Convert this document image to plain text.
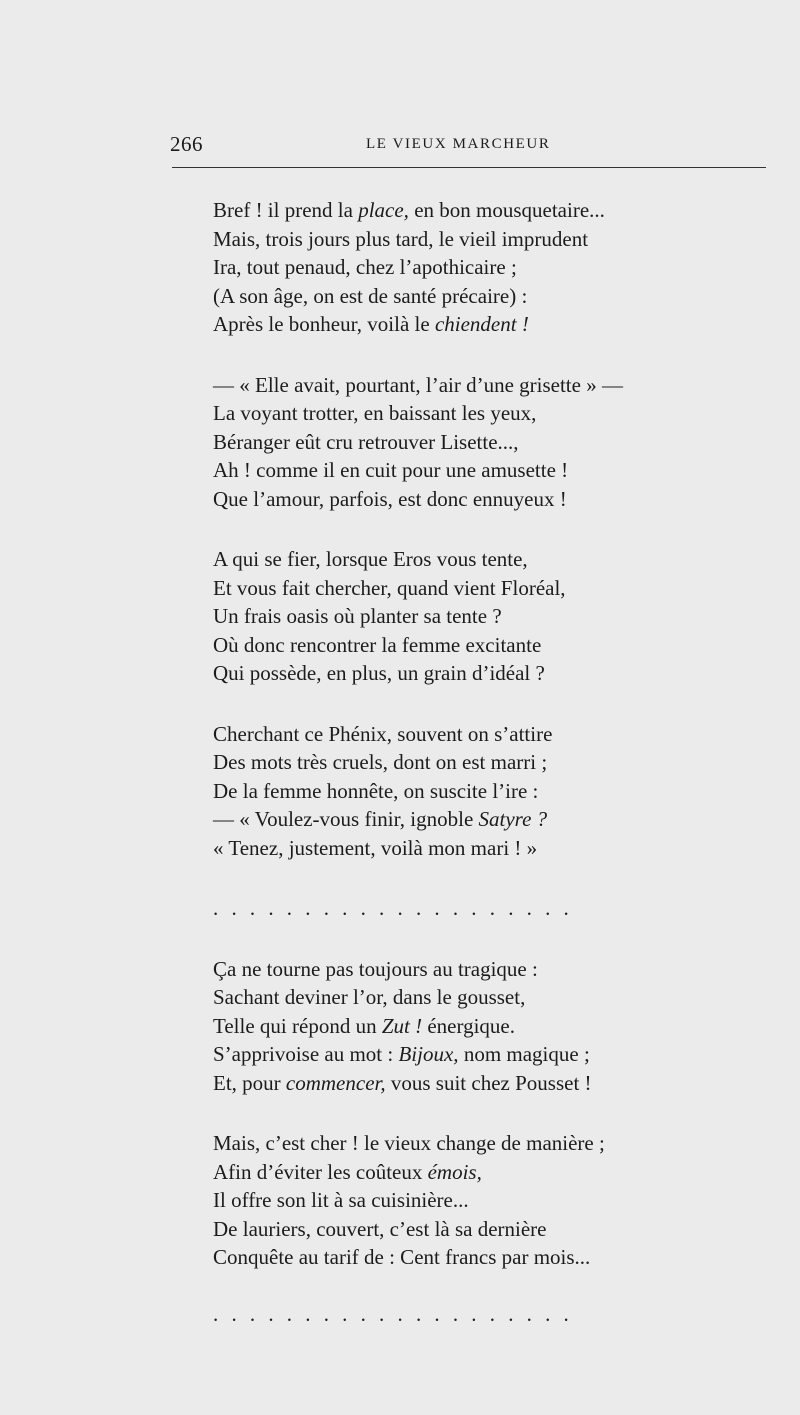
266	LE VIEUX MARCHEUR
Bref ! il prend la place, en bon mousquetaire...
Mais, trois jours plus tard, le vieil imprudent
Ira, tout penaud, chez l’apothicaire ;
(A son âge, on est de santé précaire) :
Après le bonheur, voilà le chiendent !
— « Elle avait, pourtant, l’air d’une grisette » —
La voyant trotter, en baissant les yeux,
Béranger eût cru retrouver Lisette...,
Ah ! comme il en cuit pour une amusette !
Que l’amour, parfois, est donc ennuyeux !
A qui se fier, lorsque Eros vous tente,
Et vous fait chercher, quand vient Floréal,
Un frais oasis où planter sa tente ?
Où donc rencontrer la femme excitante
Qui possède, en plus, un grain d’idéal ?
Cherchant ce Phénix, souvent on s’attire
Des mots très cruels, dont on est marri ;
De la femme honnête, on suscite l’ire :
— « Voulez-vous finir, ignoble Satyre ?
« Tenez, justement, voilà mon mari ! »
....................
Ça ne tourne pas toujours au tragique :
Sachant deviner l’or, dans le gousset,
Telle qui répond un Zut ! énergique.
S’apprivoise au mot : Bijoux, nom magique ;
Et, pour commencer, vous suit chez Pousset !
Mais, c’est cher ! le vieux change de manière ;
Afin d’éviter les coûteux émois,
Il offre son lit à sa cuisinière...
De lauriers, couvert, c’est là sa dernière
Conquête au tarif de : Cent francs par mois...
....................
